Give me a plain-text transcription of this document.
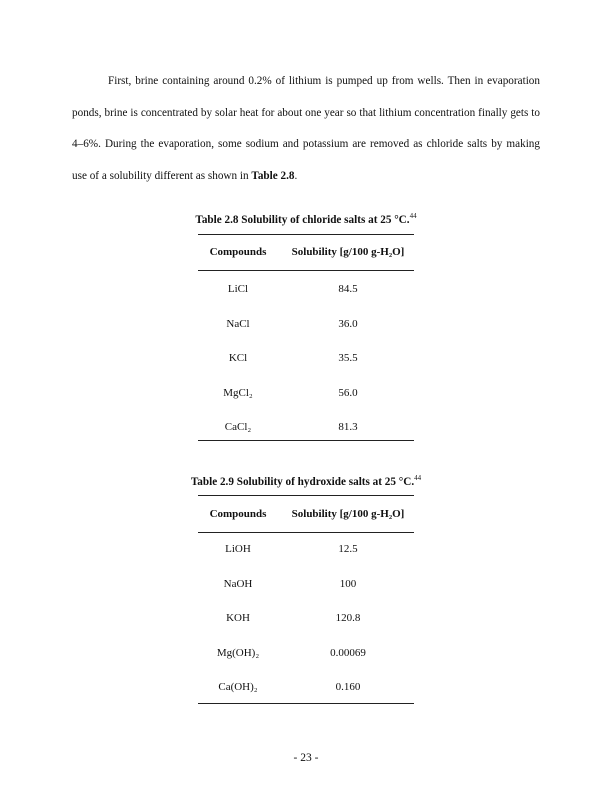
First, brine containing around 0.2% of lithium is pumped up from wells. Then in evaporation ponds, brine is concentrated by solar heat for about one year so that lithium concentration finally gets to 4–6%. During the evaporation, some sodium and potassium are removed as chloride salts by making use of a solubility different as shown in Table 2.8.

Table 2.8 Solubility of chloride salts at 25 °C.$^{44}$
Compounds	Solubility [g/100 g-H₂O]
LiCl	84.5
NaCl	36.0
KCl	35.5
MgCl₂	56.0
CaCl₂	81.3
Table 2.9 Solubility of hydroxide salts at 25 °C.$^{44}$
Compounds	Solubility [g/100 g-H₂O]
LiOH	12.5
NaOH	100
KOH	120.8
Mg(OH)₂	0.00069
Ca(OH)₂	0.160
- 23 -
